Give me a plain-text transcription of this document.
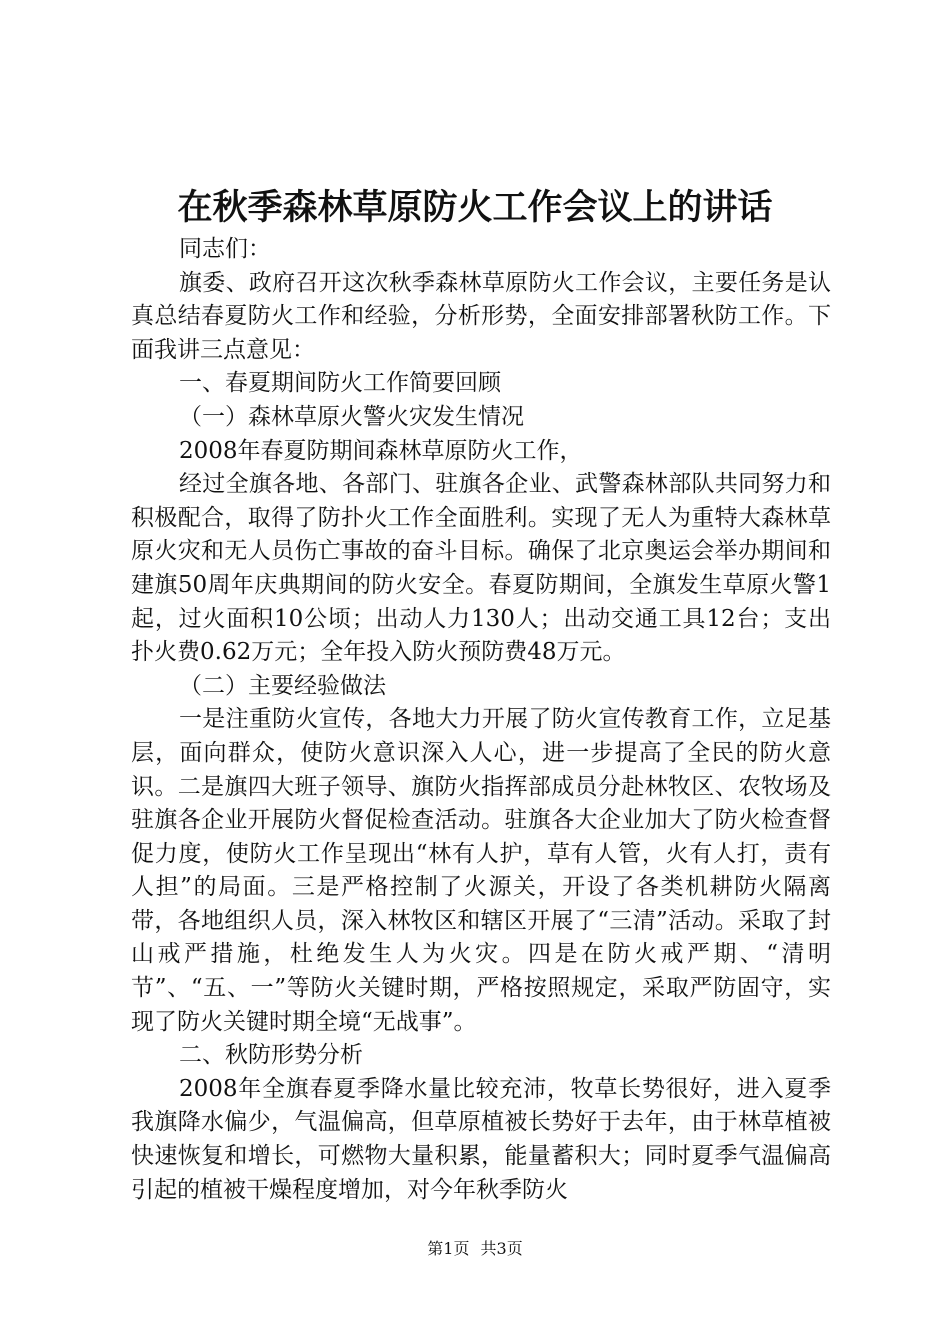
在秋季森林草原防火工作会议上的讲话

同志们：

旗委、政府召开这次秋季森林草原防火工作会议，主要任务是认真总结春夏防火工作和经验，分析形势，全面安排部署秋防工作。下面我讲三点意见：

一、春夏期间防火工作简要回顾

（一）森林草原火警火灾发生情况

2008年春夏防期间森林草原防火工作，

经过全旗各地、各部门、驻旗各企业、武警森林部队共同努力和积极配合，取得了防扑火工作全面胜利。实现了无人为重特大森林草原火灾和无人员伤亡事故的奋斗目标。确保了北京奥运会举办期间和建旗50周年庆典期间的防火安全。春夏防期间，全旗发生草原火警1起，过火面积10公顷；出动人力130人；出动交通工具12台；支出扑火费0.62万元；全年投入防火预防费48万元。

（二）主要经验做法

一是注重防火宣传，各地大力开展了防火宣传教育工作，立足基层，面向群众，使防火意识深入人心，进一步提高了全民的防火意识。二是旗四大班子领导、旗防火指挥部成员分赴林牧区、农牧场及驻旗各企业开展防火督促检查活动。驻旗各大企业加大了防火检查督促力度，使防火工作呈现出“林有人护，草有人管，火有人打，责有人担”的局面。三是严格控制了火源关，开设了各类机耕防火隔离带，各地组织人员，深入林牧区和辖区开展了“三清”活动。采取了封山戒严措施，杜绝发生人为火灾。四是在防火戒严期、“清明节”、“五、一”等防火关键时期，严格按照规定，采取严防固守，实现了防火关键时期全境“无战事”。

二、秋防形势分析

2008年全旗春夏季降水量比较充沛，牧草长势很好，进入夏季我旗降水偏少，气温偏高，但草原植被长势好于去年，由于林草植被快速恢复和增长，可燃物大量积累，能量蓄积大；同时夏季气温偏高引起的植被干燥程度增加，对今年秋季防火

第1页 共3页
